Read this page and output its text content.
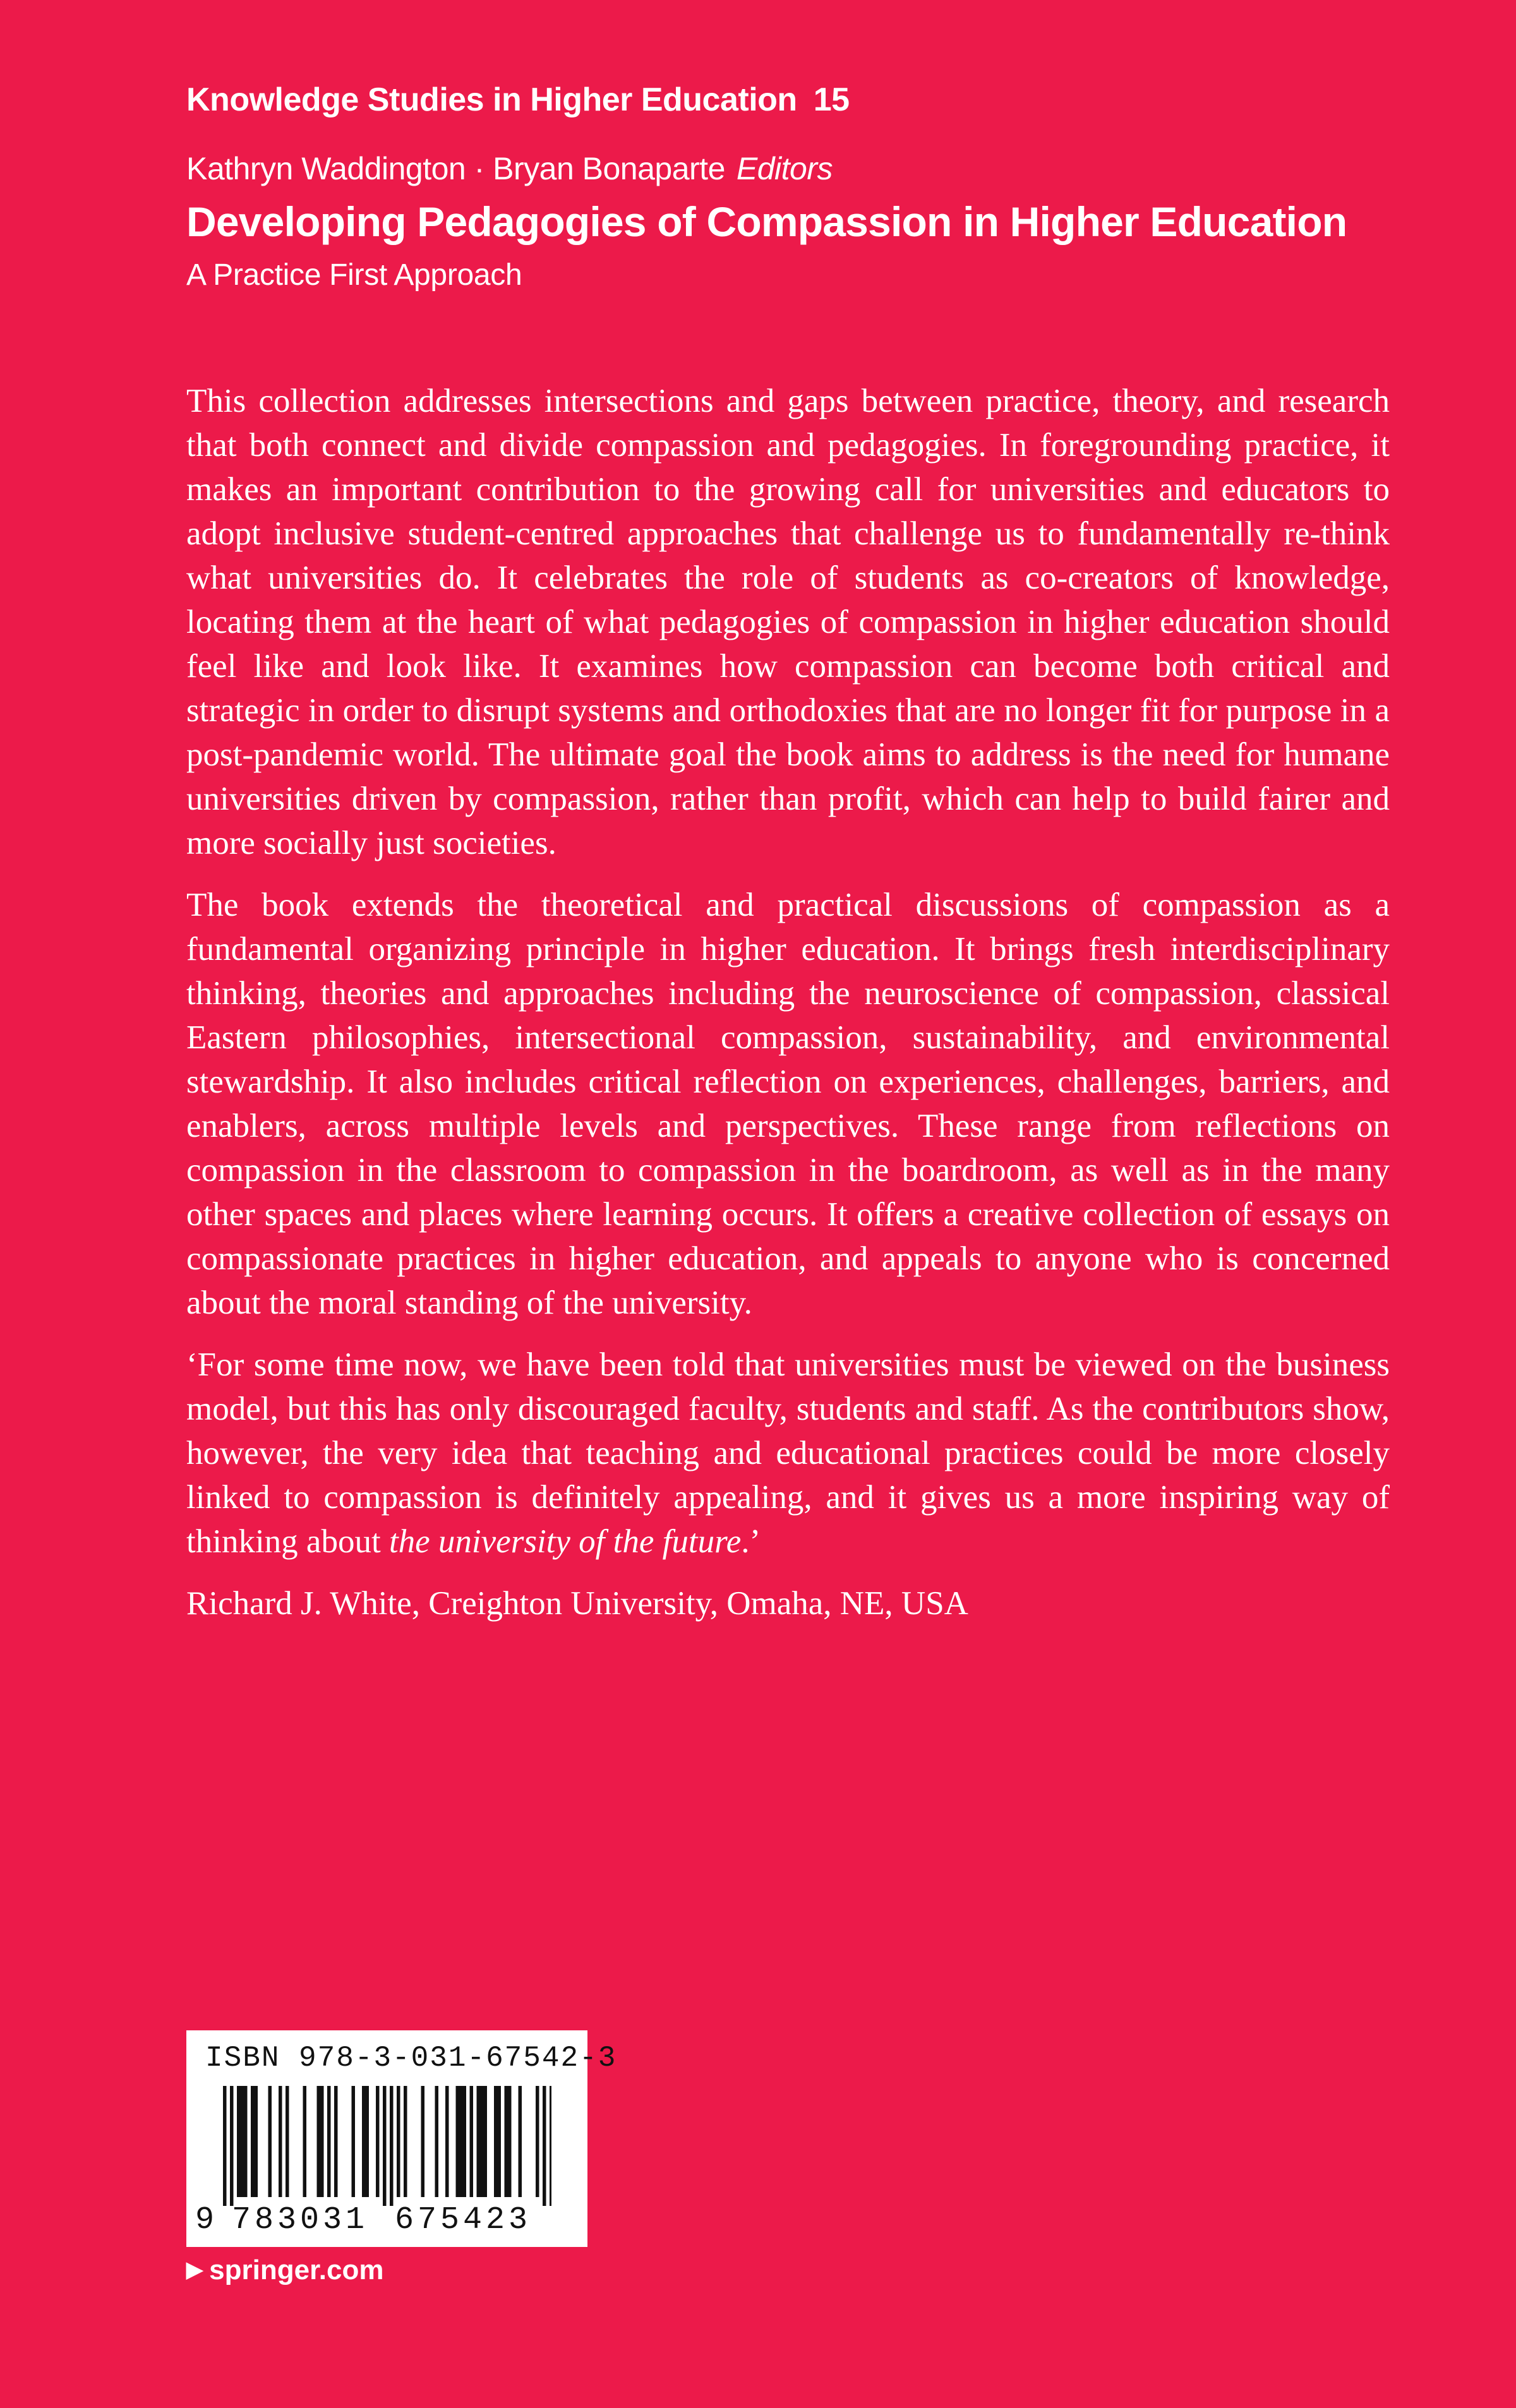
Knowledge Studies in Higher Education 15
Kathryn Waddington · Bryan Bonaparte Editors
Developing Pedagogies of Compassion in Higher Education
A Practice First Approach

This collection addresses intersections and gaps between practice, theory, and research that both connect and divide compassion and pedagogies. In foregrounding practice, it makes an important contribution to the growing call for universities and educators to adopt inclusive student-centred approaches that challenge us to fundamentally re-think what universities do. It celebrates the role of students as co-creators of knowledge, locating them at the heart of what pedagogies of compassion in higher education should feel like and look like. It examines how compassion can become both critical and strategic in order to disrupt systems and orthodoxies that are no longer fit for purpose in a post-pandemic world. The ultimate goal the book aims to address is the need for humane universities driven by compassion, rather than profit, which can help to build fairer and more socially just societies.

The book extends the theoretical and practical discussions of compassion as a fundamental organizing principle in higher education. It brings fresh interdisciplinary thinking, theories and approaches including the neuroscience of compassion, classical Eastern philosophies, intersectional compassion, sustainability, and environmental stewardship. It also includes critical reflection on experiences, challenges, barriers, and enablers, across multiple levels and perspectives. These range from reflections on compassion in the classroom to compassion in the boardroom, as well as in the many other spaces and places where learning occurs. It offers a creative collection of essays on compassionate practices in higher education, and appeals to anyone who is concerned about the moral standing of the university.

‘For some time now, we have been told that universities must be viewed on the business model, but this has only discouraged faculty, students and staff. As the contributors show, however, the very idea that teaching and educational practices could be more closely linked to compassion is definitely appealing, and it gives us a more inspiring way of thinking about the university of the future.’

Richard J. White, Creighton University, Omaha, NE, USA

ISBN 978-3-031-67542-3
9 783031 675423
▶ springer.com
